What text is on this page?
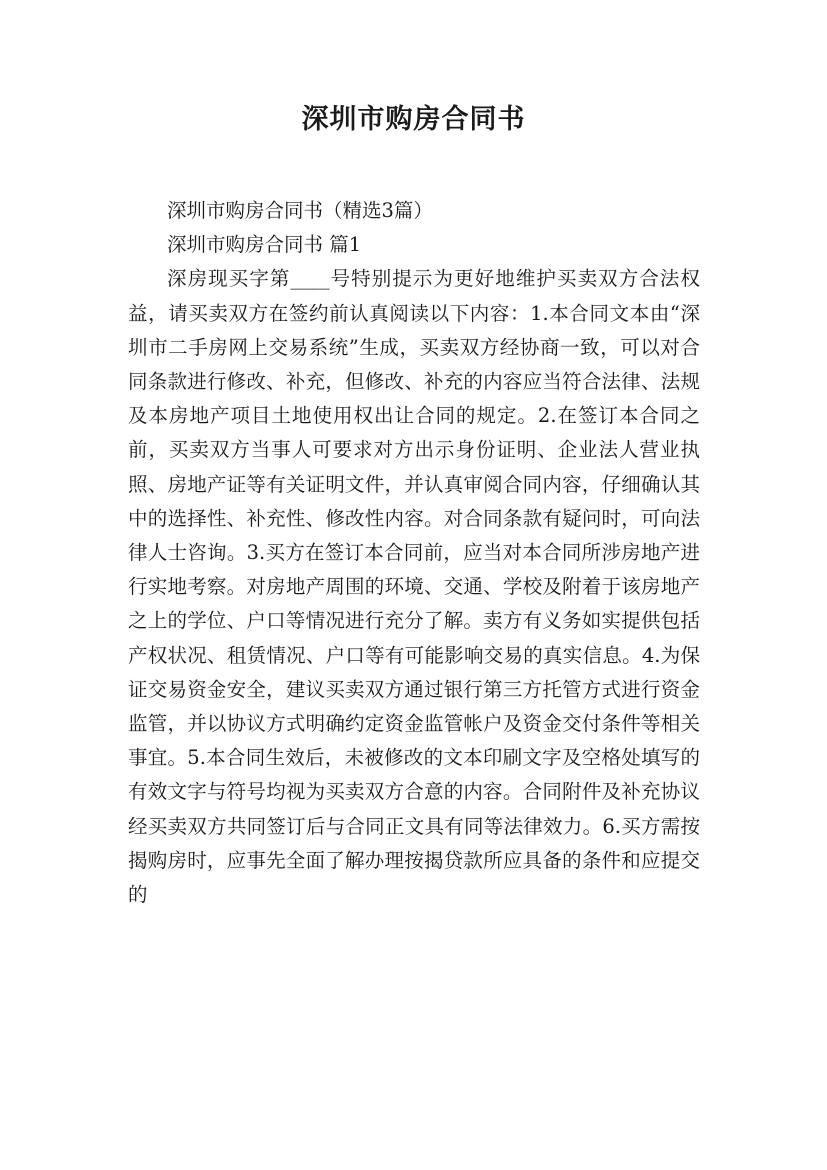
深圳市购房合同书

深圳市购房合同书（精选3篇）

深圳市购房合同书 篇1

深房现买字第____号特别提示为更好地维护买卖双方合法权益，请买卖双方在签约前认真阅读以下内容：1.本合同文本由“深圳市二手房网上交易系统”生成，买卖双方经协商一致，可以对合同条款进行修改、补充，但修改、补充的内容应当符合法律、法规及本房地产项目土地使用权出让合同的规定。2.在签订本合同之前，买卖双方当事人可要求对方出示身份证明、企业法人营业执照、房地产证等有关证明文件，并认真审阅合同内容，仔细确认其中的选择性、补充性、修改性内容。对合同条款有疑问时，可向法律人士咨询。3.买方在签订本合同前，应当对本合同所涉房地产进行实地考察。对房地产周围的环境、交通、学校及附着于该房地产之上的学位、户口等情况进行充分了解。卖方有义务如实提供包括产权状况、租赁情况、户口等有可能影响交易的真实信息。4.为保证交易资金安全，建议买卖双方通过银行第三方托管方式进行资金监管，并以协议方式明确约定资金监管帐户及资金交付条件等相关事宜。5.本合同生效后，未被修改的文本印刷文字及空格处填写的有效文字与符号均视为买卖双方合意的内容。合同附件及补充协议经买卖双方共同签订后与合同正文具有同等法律效力。6.买方需按揭购房时，应事先全面了解办理按揭贷款所应具备的条件和应提交的
